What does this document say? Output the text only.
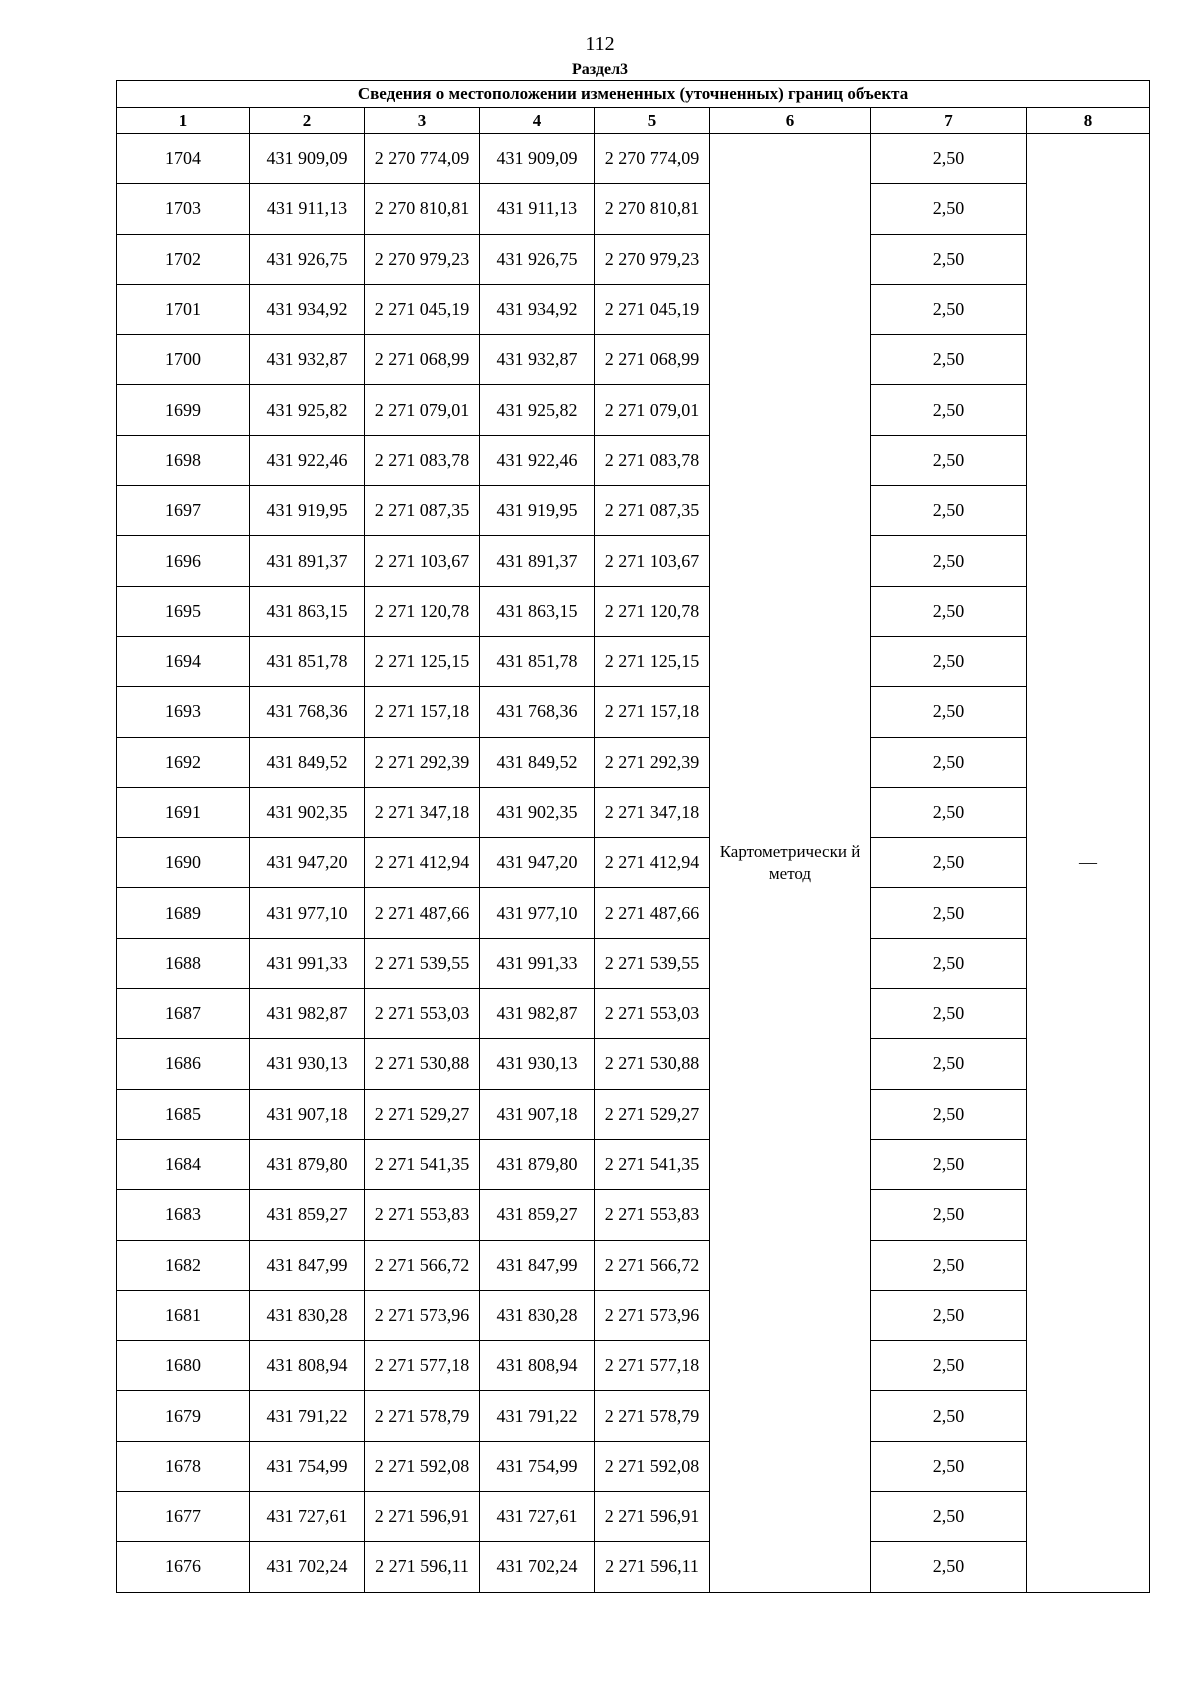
112
Раздел3
Сведения о местоположении измененных (уточненных) границ объекта							
1	2	3	4	5	6	7	8
1704	431 909,09	2 270 774,09	431 909,09	2 270 774,09	Картометрически й метод	2,50	—
1703	431 911,13	2 270 810,81	431 911,13	2 270 810,81		2,50	
1702	431 926,75	2 270 979,23	431 926,75	2 270 979,23		2,50	
1701	431 934,92	2 271 045,19	431 934,92	2 271 045,19		2,50	
1700	431 932,87	2 271 068,99	431 932,87	2 271 068,99		2,50	
1699	431 925,82	2 271 079,01	431 925,82	2 271 079,01		2,50	
1698	431 922,46	2 271 083,78	431 922,46	2 271 083,78		2,50	
1697	431 919,95	2 271 087,35	431 919,95	2 271 087,35		2,50	
1696	431 891,37	2 271 103,67	431 891,37	2 271 103,67		2,50	
1695	431 863,15	2 271 120,78	431 863,15	2 271 120,78		2,50	
1694	431 851,78	2 271 125,15	431 851,78	2 271 125,15		2,50	
1693	431 768,36	2 271 157,18	431 768,36	2 271 157,18		2,50	
1692	431 849,52	2 271 292,39	431 849,52	2 271 292,39		2,50	
1691	431 902,35	2 271 347,18	431 902,35	2 271 347,18		2,50	
1690	431 947,20	2 271 412,94	431 947,20	2 271 412,94		2,50	
1689	431 977,10	2 271 487,66	431 977,10	2 271 487,66		2,50	
1688	431 991,33	2 271 539,55	431 991,33	2 271 539,55		2,50	
1687	431 982,87	2 271 553,03	431 982,87	2 271 553,03		2,50	
1686	431 930,13	2 271 530,88	431 930,13	2 271 530,88		2,50	
1685	431 907,18	2 271 529,27	431 907,18	2 271 529,27		2,50	
1684	431 879,80	2 271 541,35	431 879,80	2 271 541,35		2,50	
1683	431 859,27	2 271 553,83	431 859,27	2 271 553,83		2,50	
1682	431 847,99	2 271 566,72	431 847,99	2 271 566,72		2,50	
1681	431 830,28	2 271 573,96	431 830,28	2 271 573,96		2,50	
1680	431 808,94	2 271 577,18	431 808,94	2 271 577,18		2,50	
1679	431 791,22	2 271 578,79	431 791,22	2 271 578,79		2,50	
1678	431 754,99	2 271 592,08	431 754,99	2 271 592,08		2,50	
1677	431 727,61	2 271 596,91	431 727,61	2 271 596,91		2,50	
1676	431 702,24	2 271 596,11	431 702,24	2 271 596,11		2,50	
